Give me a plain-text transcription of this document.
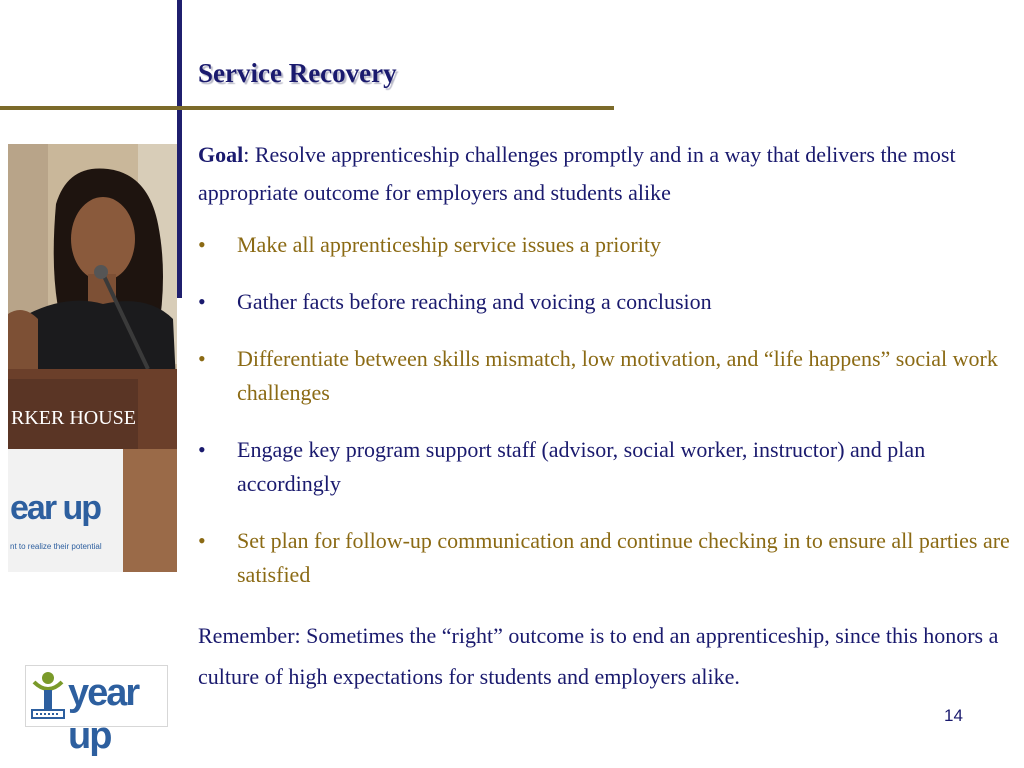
Service Recovery
RKER HOUSE
ear up
nt to realize their potential

Goal: Resolve apprenticeship challenges promptly and in a way that delivers the most appropriate outcome for employers and students alike

• Make all apprenticeship service issues a priority
• Gather facts before reaching and voicing a conclusion
• Differentiate between skills mismatch, low motivation, and “life happens” social work challenges
• Engage key program support staff (advisor, social worker, instructor) and plan accordingly
• Set plan for follow-up communication and continue checking in to ensure all parties are satisfied

Remember: Sometimes the “right” outcome is to end an apprenticeship, since this honors a culture of high expectations for students and employers alike.

year up	14
